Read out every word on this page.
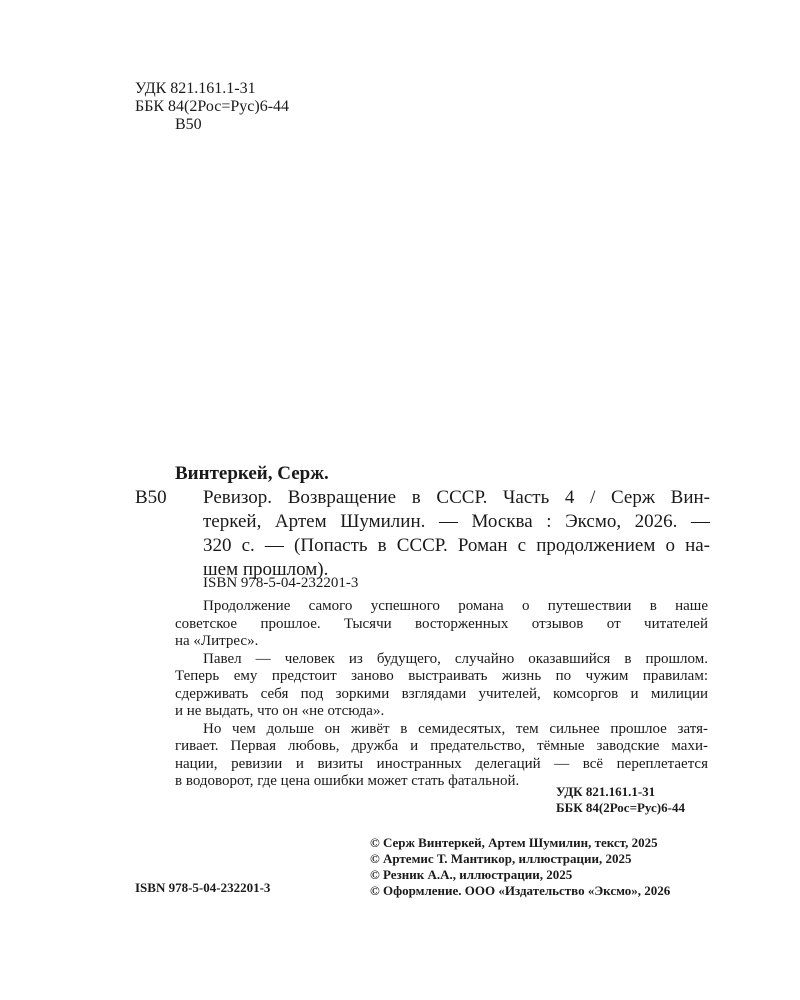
УДК 821.161.1-31
ББК 84(2Рос=Рус)6-44
В50
Винтеркей, Серж.
В50	Ревизор. Возвращение в СССР. Часть 4 / Серж Вин-
теркей, Артем Шумилин. — Москва : Эксмо, 2026. —
320 с. — (Попасть в СССР. Роман с продолжением о на-
шем прошлом).
ISBN 978-5-04-232201-3
Продолжение самого успешного романа о путешествии в наше
советское прошлое. Тысячи восторженных отзывов от читателей
на «Литрес».
Павел — человек из будущего, случайно оказавшийся в прошлом.
Теперь ему предстоит заново выстраивать жизнь по чужим правилам:
сдерживать себя под зоркими взглядами учителей, комсоргов и милиции
и не выдать, что он «не отсюда».
Но чем дольше он живёт в семидесятых, тем сильнее прошлое затя-
гивает. Первая любовь, дружба и предательство, тёмные заводские махи-
нации, ревизии и визиты иностранных делегаций — всё переплетается
в водоворот, где цена ошибки может стать фатальной.
УДК 821.161.1-31
ББК 84(2Рос=Рус)6-44
© Серж Винтеркей, Артем Шумилин, текст, 2025
© Артемис Т. Мантикор, иллюстрации, 2025
© Резник А.А., иллюстрации, 2025
© Оформление. ООО «Издательство «Эксмо», 2026
ISBN 978-5-04-232201-3
